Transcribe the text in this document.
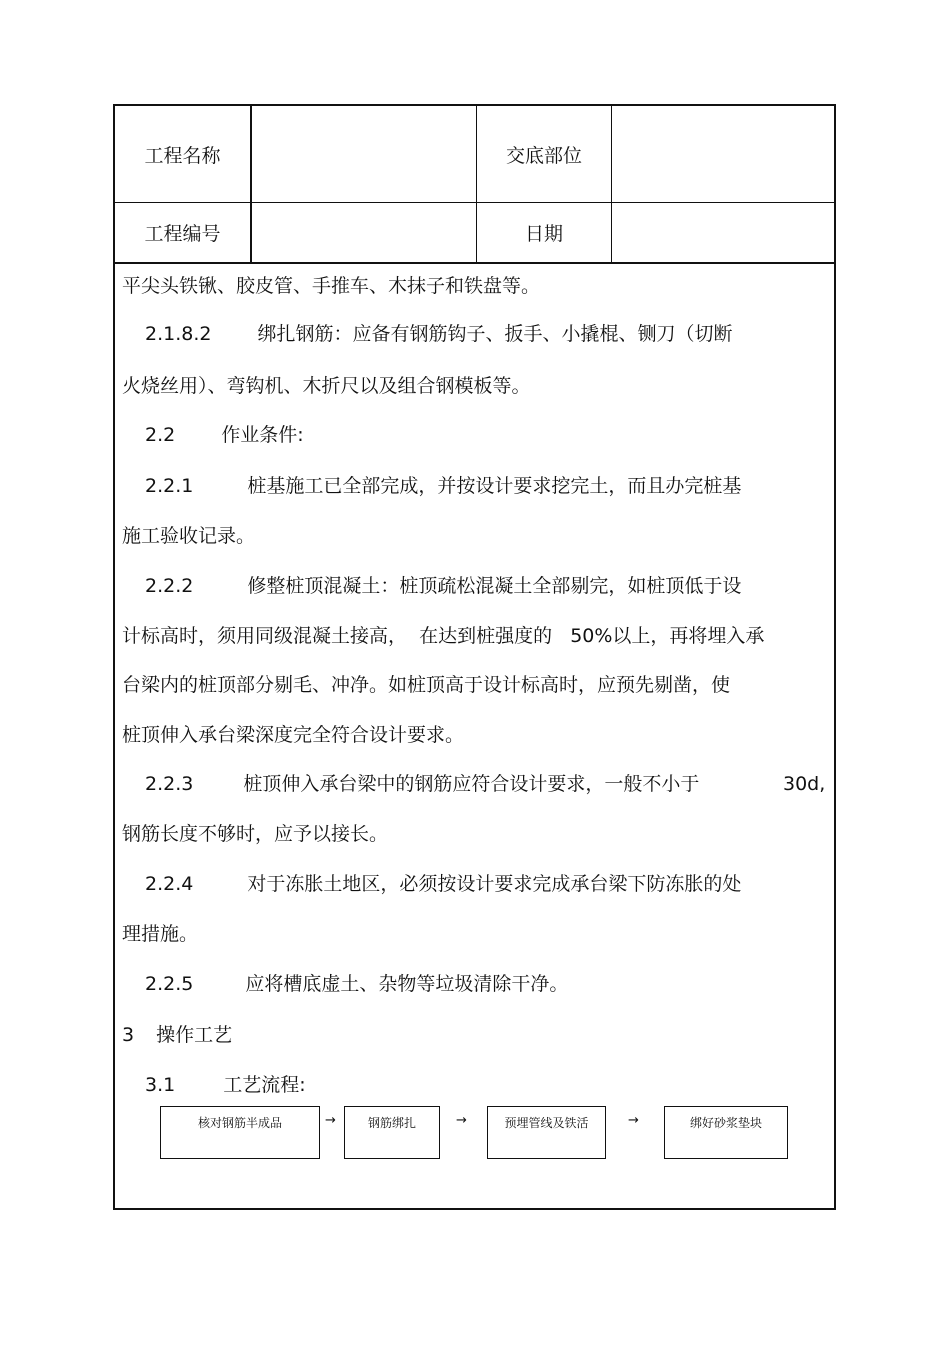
工程名称	交底部位
工程编号	日期
平尖头铁锹、胶皮管、手推车、木抹子和铁盘等。
2.1.8.2 绑扎钢筋：应备有钢筋钩子、扳手、小撬棍、铡刀（切断
火烧丝用）、弯钩机、木折尺以及组合钢模板等。
2.2 作业条件:
2.2.1	桩基施工已全部完成，并按设计要求挖完土，而且办完桩基
施工验收记录。
2.2.2	修整桩顶混凝土：桩顶疏松混凝土全部剔完，如桩顶低于设
计标高时，须用同级混凝土接高，  在达到桩强度的   50%以上，再将埋入承
台梁内的桩顶部分剔毛、冲净。如桩顶高于设计标高时，应预先剔凿，使
桩顶伸入承台梁深度完全符合设计要求。
2.2.3	桩顶伸入承台梁中的钢筋应符合设计要求，一般不小于	30d,
钢筋长度不够时，应予以接长。
2.2.4	对于冻胀土地区，必须按设计要求完成承台梁下防冻胀的处
理措施。
2.2.5	应将槽底虚土、杂物等垃圾清除干净。
3 操作工艺
3.1	工艺流程:
核对钢筋半成品	→	钢筋绑扎	→	预埋管线及铁活	→	绑好砂浆垫块
